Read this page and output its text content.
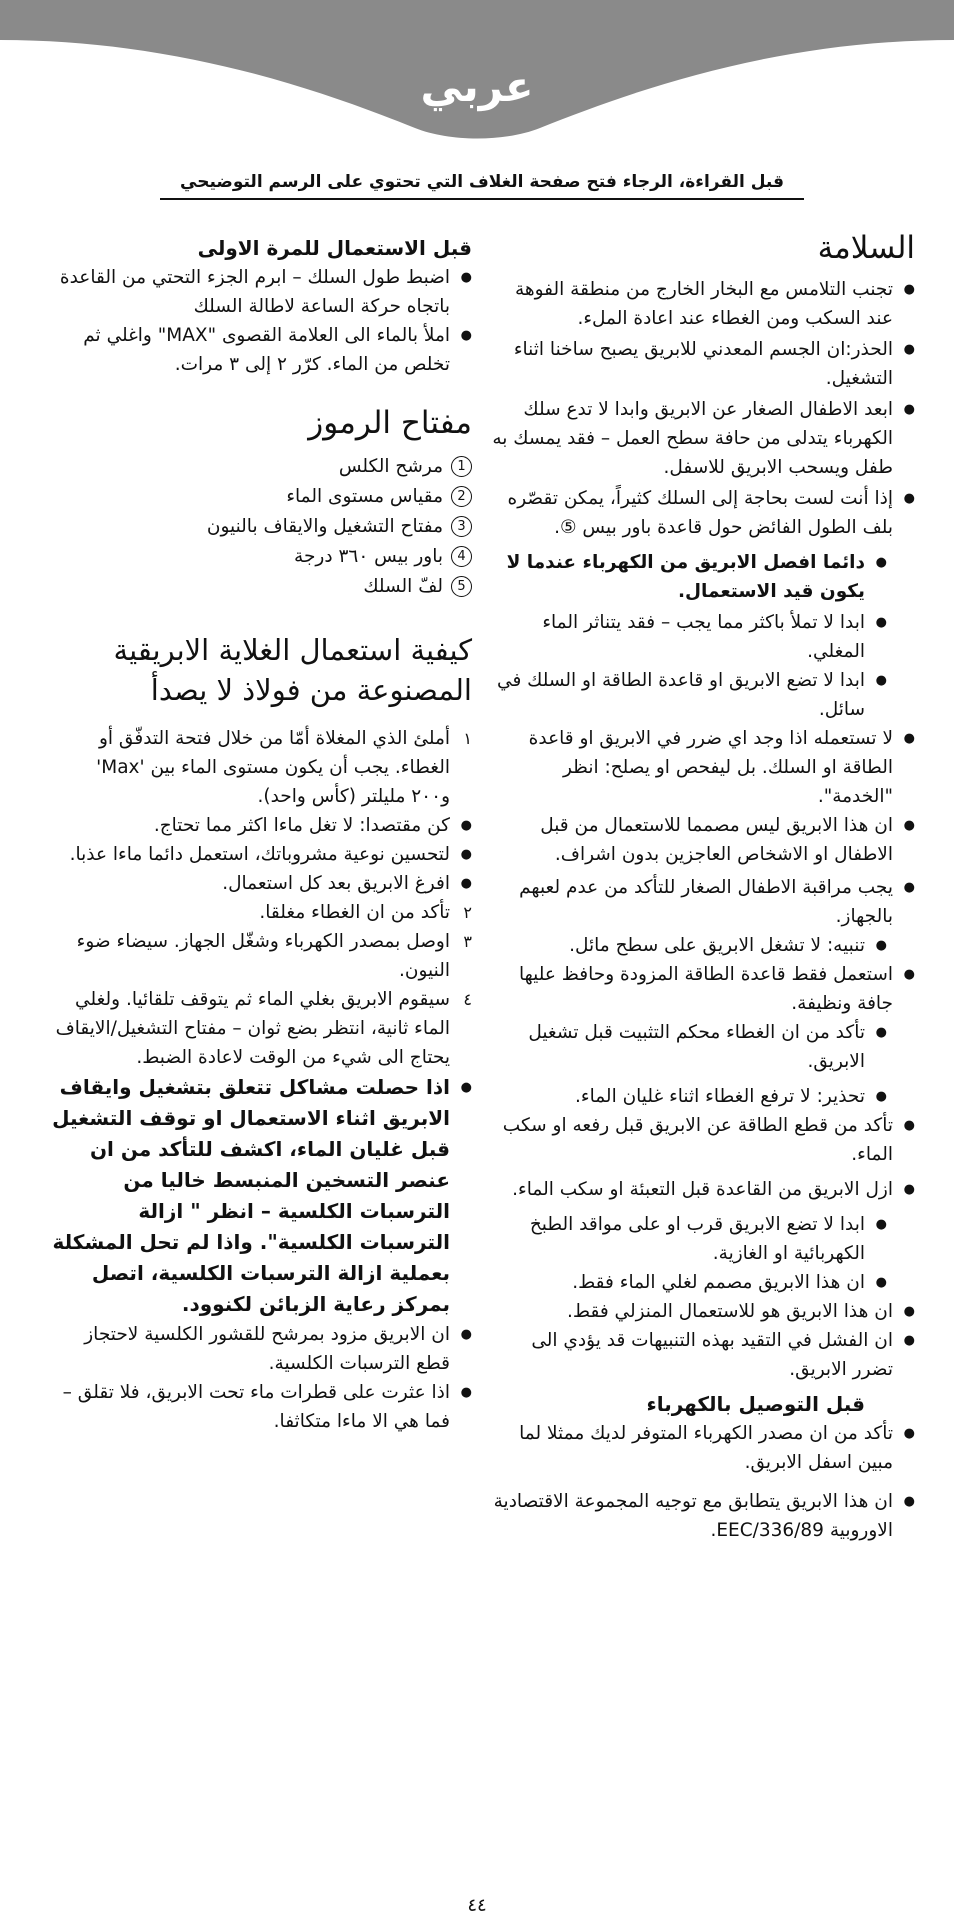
عربي
قبل القراءة، الرجاء فتح صفحة الغلاف التي تحتوي على الرسم التوضيحي
السلامة
● تجنب التلامس مع البخار الخارج من منطقة الفوهة عند السكب ومن الغطاء عند اعادة الملء.
● الحذر:ان الجسم المعدني للابريق يصبح ساخنا اثناء التشغيل.
● ابعد الاطفال الصغار عن الابريق وابدا لا تدع سلك الكهرباء يتدلى من حافة سطح العمل – فقد يمسك به طفل ويسحب الابريق للاسفل.
● إذا أنت لست بحاجة إلى السلك كثيراً، يمكن تقصّره بلف الطول الفائض حول قاعدة باور بيس ⑤.
● دائما افصل الابريق من الكهرباء عندما لا يكون قيد الاستعمال.
● ابدا لا تملأ باكثر مما يجب – فقد يتناثر الماء المغلي.
● ابدا لا تضع الابريق او قاعدة الطاقة او السلك في سائل.
● لا تستعمله اذا وجد اي ضرر في الابريق او قاعدة الطاقة او السلك. بل ليفحص او يصلح: انظر "الخدمة".
● ان هذا الابريق ليس مصمما للاستعمال من قبل الاطفال او الاشخاص العاجزين بدون اشراف.
● يجب مراقبة الاطفال الصغار للتأكد من عدم لعبهم بالجهاز.
● تنبيه: لا تشغل الابريق على سطح مائل.
● استعمل فقط قاعدة الطاقة المزودة وحافظ عليها جافة ونظيفة.
● تأكد من ان الغطاء محكم التثبيت قبل تشغيل الابريق.
● تحذير: لا ترفع الغطاء اثناء غليان الماء.
● تأكد من قطع الطاقة عن الابريق قبل رفعه او سكب الماء.
● ازل الابريق من القاعدة قبل التعبئة او سكب الماء.
● ابدا لا تضع الابريق قرب او على مواقد الطبخ الكهربائية او الغازية.
● ان هذا الابريق مصمم لغلي الماء فقط.
● ان هذا الابريق هو للاستعمال المنزلي فقط.
● ان الفشل في التقيد بهذه التنبيهات قد يؤدي الى تضرر الابريق.
قبل التوصيل بالكهرباء
● تأكد من ان مصدر الكهرباء المتوفر لديك ممثلا لما مبين اسفل الابريق.
● ان هذا الابريق يتطابق مع توجيه المجموعة الاقتصادية الاوروبية EEC/336/89.
قبل الاستعمال للمرة الاولى
● اضبط طول السلك – ابرم الجزء التحتي من القاعدة باتجاه حركة الساعة لاطالة السلك
● املأ بالماء الى العلامة القصوى "MAX" واغلي ثم تخلص من الماء. كرّر ٢ إلى ٣ مرات.
مفتاح الرموز
1مرشح الكلس
2مقياس مستوى الماء
3مفتاح التشغيل والايقاف بالنيون
4باور بيس ٣٦٠ درجة
5لفّ السلك
كيفية استعمال الغلاية الابريقية
المصنوعة من فولاذ لا يصدأ
١
أملئ الذي المغلاة أمّا من خلال فتحة التدفّق أو الغطاء. يجب أن يكون مستوى الماء بين 'Max' و٢٠٠ مليلتر (كأس واحد).
● كن مقتصدا: لا تغل ماءا اكثر مما تحتاج.
● لتحسين نوعية مشروباتك، استعمل دائما ماءا عذبا.
● افرغ الابريق بعد كل استعمال.
٢
تأكد من ان الغطاء مغلقا.
٣
اوصل بمصدر الكهرباء وشغّل الجهاز. سيضاء ضوء النيون.
٤
سيقوم الابريق بغلي الماء ثم يتوقف تلقائيا. ولغلي الماء ثانية، انتظر بضع ثوان – مفتاح التشغيل/الايقاف يحتاج الى شيء من الوقت لاعادة الضبط.
● اذا حصلت مشاكل تتعلق بتشغيل وايقاف الابريق اثناء الاستعمال او توقف التشغيل قبل غليان الماء، اكشف للتأكد من ان عنصر التسخين المنبسط خاليا من الترسبات الكلسية – انظر " ازالة الترسبات الكلسية". واذا لم تحل المشكلة بعملية ازالة الترسبات الكلسية، اتصل بمركز رعاية الزبائن لكنوود.
● ان الابريق مزود بمرشح للقشور الكلسية لاحتجاز قطع الترسبات الكلسية.
● اذا عثرت على قطرات ماء تحت الابريق، فلا تقلق – فما هي الا ماءا متكاثفا.
٤٤
